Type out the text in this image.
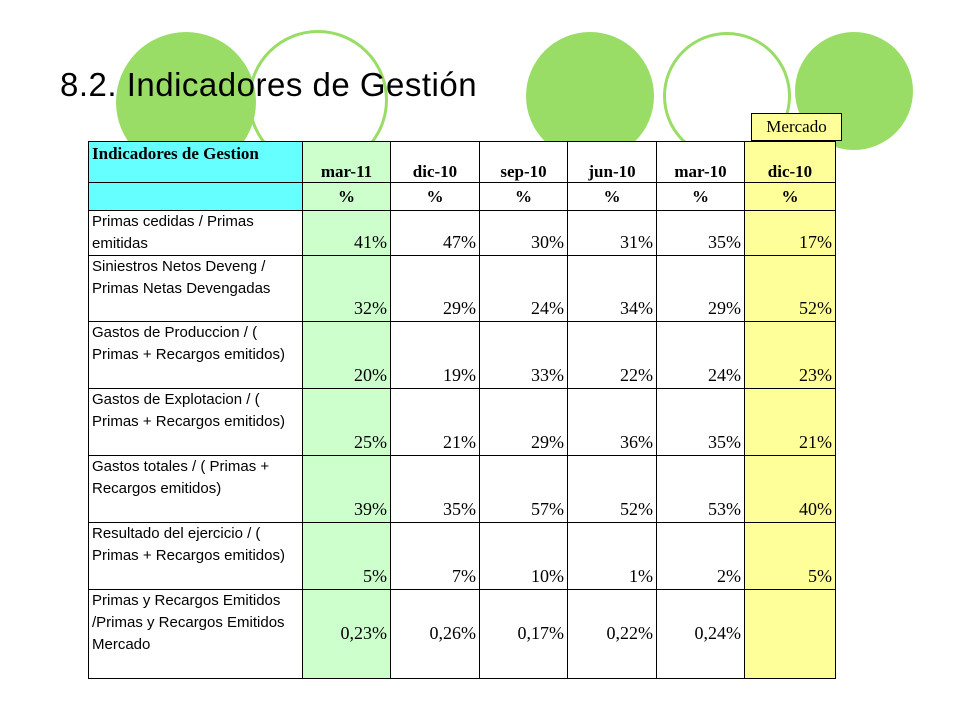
8.2. Indicadores de Gestión
Mercado
Indicadores de Gestion	mar-11	dic-10	sep-10	jun-10	mar-10	dic-10
	%	%	%	%	%	%
Primas cedidas / Primas emitidas	41%	47%	30%	31%	35%	17%
Siniestros Netos Deveng / Primas Netas Devengadas	32%	29%	24%	34%	29%	52%
Gastos de Produccion / ( Primas + Recargos emitidos)	20%	19%	33%	22%	24%	23%
Gastos de Explotacion / ( Primas + Recargos emitidos)	25%	21%	29%	36%	35%	21%
Gastos totales / ( Primas + Recargos emitidos)	39%	35%	57%	52%	53%	40%
Resultado del ejercicio / ( Primas + Recargos emitidos)	5%	7%	10%	1%	2%	5%
Primas y Recargos Emitidos /Primas y Recargos Emitidos Mercado	0,23%	0,26%	0,17%	0,22%	0,24%	
